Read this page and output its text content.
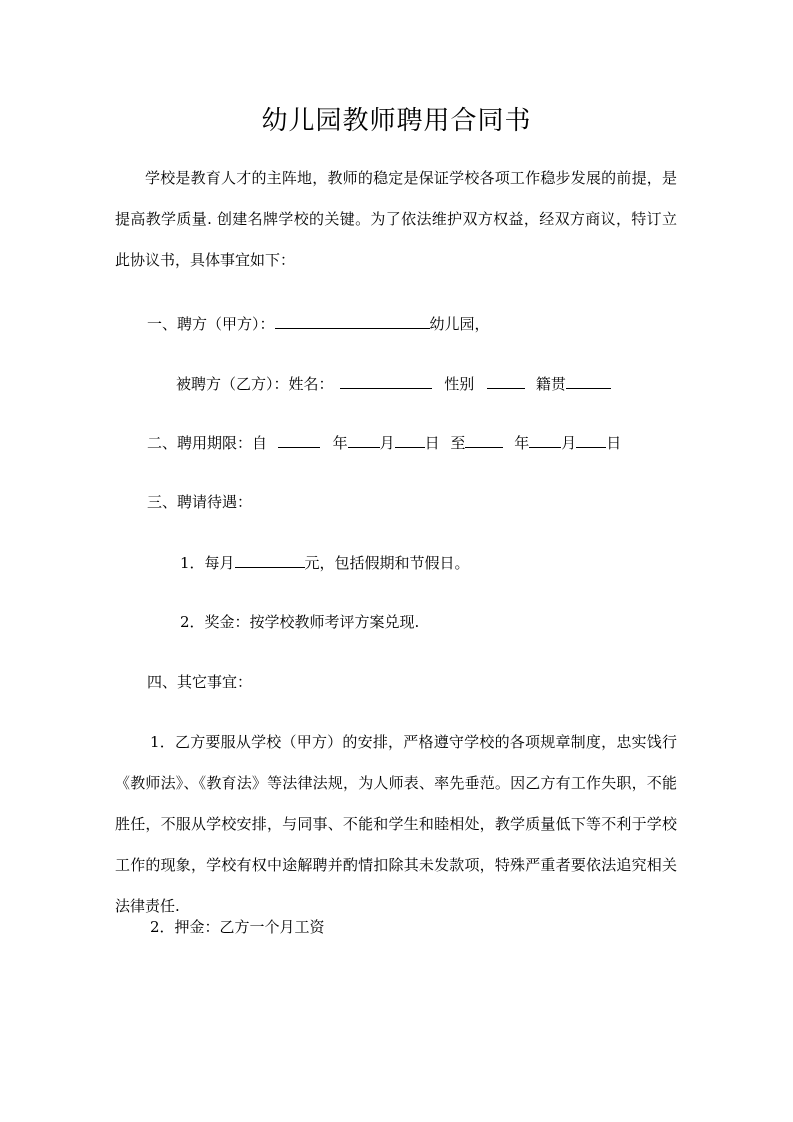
幼儿园教师聘用合同书
学校是教育人才的主阵地，教师的稳定是保证学校各项工作稳步发展的前提，是提高教学质量. 创建名牌学校的关键。为了依法维护双方权益，经双方商议，特订立此协议书，具体事宜如下：
一、聘方（甲方）：	幼儿园，
被聘方（乙方）：姓名：	性别	籍贯
二、聘用期限：自	年 月 日 至	年 月 日
三、聘请待遇：
1．每月	元，包括假期和节假日。
2．奖金：按学校教师考评方案兑现.
四、其它事宜：
1．乙方要服从学校（甲方）的安排，严格遵守学校的各项规章制度，忠实饯行《教师法》、《教育法》等法律法规，为人师表、率先垂范。因乙方有工作失职，不能胜任，不服从学校安排，与同事、不能和学生和睦相处，教学质量低下等不利于学校工作的现象，学校有权中途解聘并酌情扣除其未发款项，特殊严重者要依法追究相关法律责任.
2．押金：乙方一个月工资
